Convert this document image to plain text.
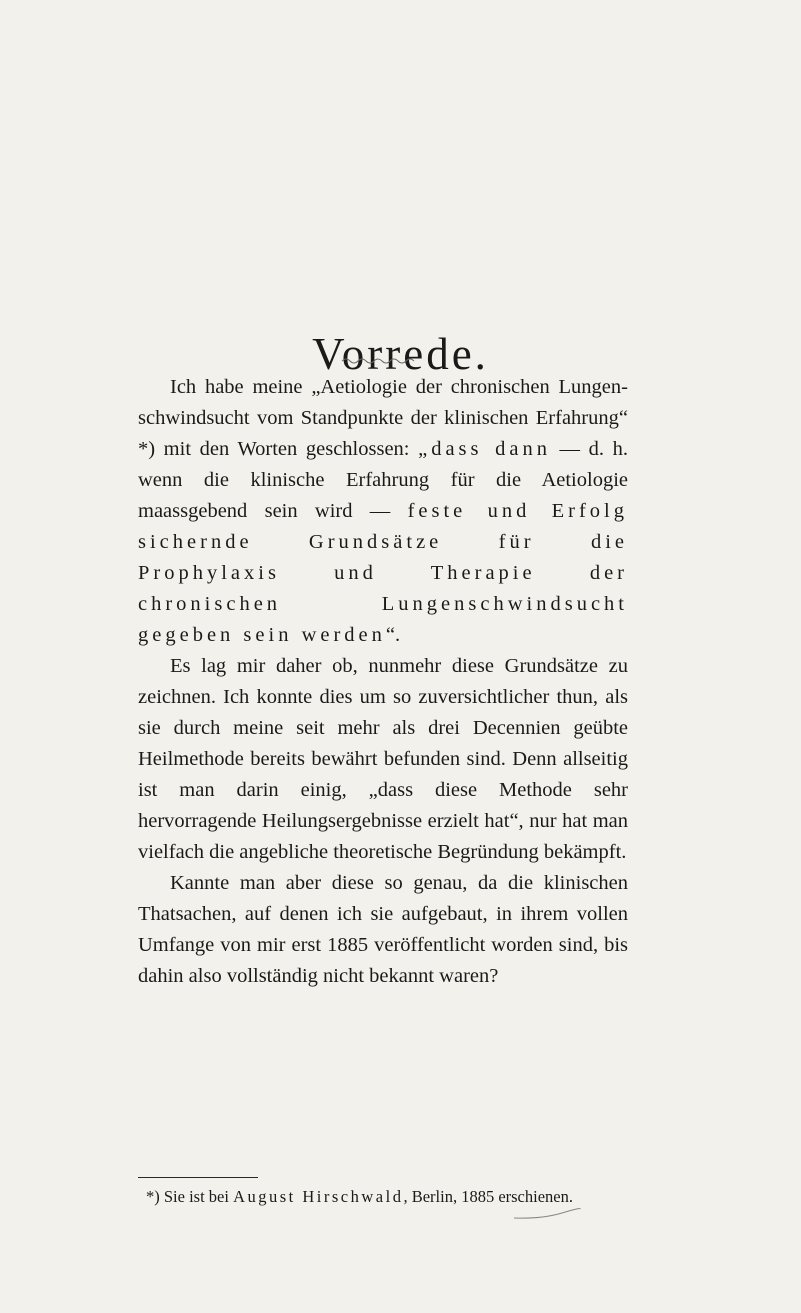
Vorrede.

Ich habe meine „Aetiologie der chronischen Lungenschwindsucht vom Standpunkte der klinischen Erfahrung“ *) mit den Worten geschlossen: „dass dann — d. h. wenn die klinische Erfahrung für die Aetiologie maassgebend sein wird — feste und Erfolg sichernde Grundsätze für die Prophylaxis und Therapie der chronischen Lungenschwindsucht gegeben sein werden“.

Es lag mir daher ob, nunmehr diese Grundsätze zu zeichnen. Ich konnte dies um so zuversichtlicher thun, als sie durch meine seit mehr als drei Decennien geübte Heilmethode bereits bewährt befunden sind. Denn allseitig ist man darin einig, „dass diese Methode sehr hervorragende Heilungsergebnisse erzielt hat“, nur hat man vielfach die angebliche theoretische Begründung bekämpft.

Kannte man aber diese so genau, da die klinischen Thatsachen, auf denen ich sie aufgebaut, in ihrem vollen Umfange von mir erst 1885 veröffentlicht worden sind, bis dahin also vollständig nicht bekannt waren?

*) Sie ist bei August Hirschwald, Berlin, 1885 erschienen.
